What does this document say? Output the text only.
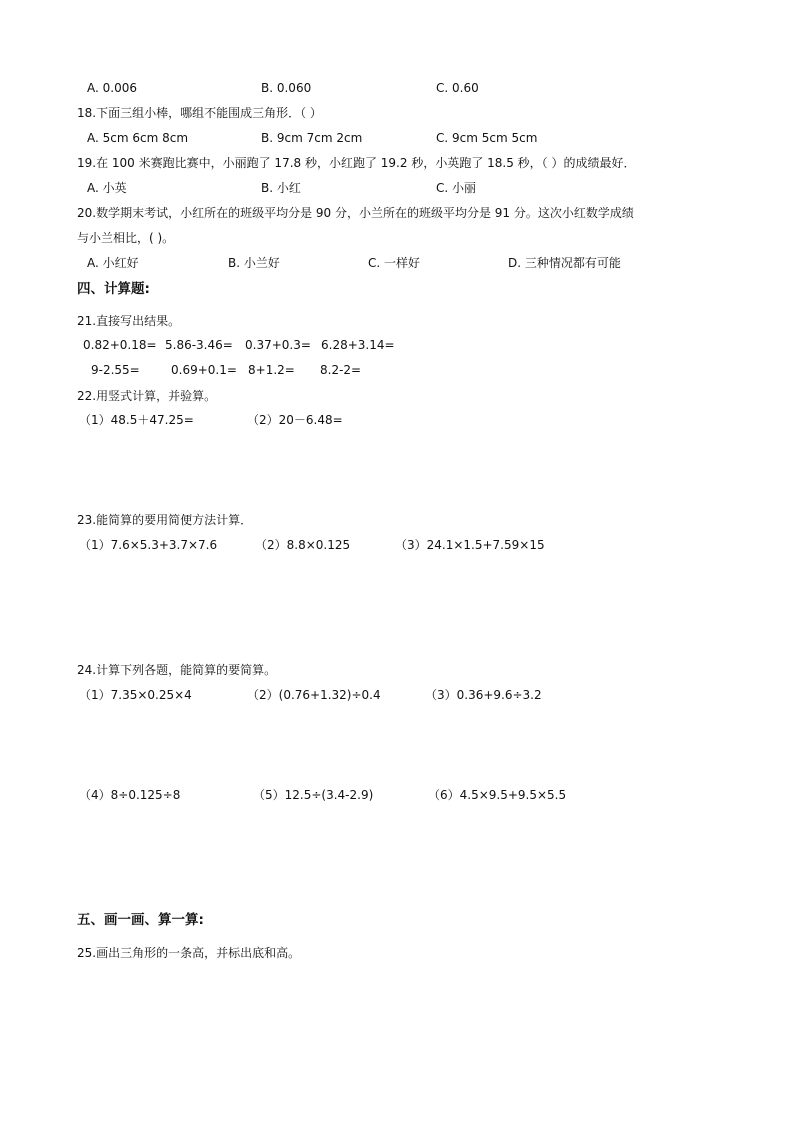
A. 0.006	B. 0.060	C. 0.60
18.下面三组小棒，哪组不能围成三角形．（ ）
A. 5cm 6cm 8cm	B. 9cm 7cm 2cm	C. 9cm 5cm 5cm
19.在 100 米赛跑比赛中，小丽跑了 17.8 秒，小红跑了 19.2 秒，小英跑了 18.5 秒，（ ）的成绩最好．
A. 小英	B. 小红	C. 小丽
20.数学期末考试，小红所在的班级平均分是 90 分，小兰所在的班级平均分是 91 分。这次小红数学成绩
与小兰相比，( )。
A. 小红好	B. 小兰好	C. 一样好	D. 三种情况都有可能
四、计算题:
21.直接写出结果。
0.82+0.18= 5.86-3.46= 0.37+0.3= 6.28+3.14=
9-2.55=	0.69+0.1= 8+1.2= 8.2-2=
22.用竖式计算，并验算。
（1）48.5＋47.25=	（2）20－6.48=
23.能简算的要用简便方法计算．
（1）7.6×5.3+3.7×7.6	（2）8.8×0.125	（3）24.1×1.5+7.59×15
24.计算下列各题，能简算的要简算。
（1）7.35×0.25×4	（2）(0.76+1.32)÷0.4	（3）0.36+9.6÷3.2
（4）8÷0.125÷8	（5）12.5÷(3.4-2.9)	（6）4.5×9.5+9.5×5.5
五、画一画、算一算:
25.画出三角形的一条高，并标出底和高。
